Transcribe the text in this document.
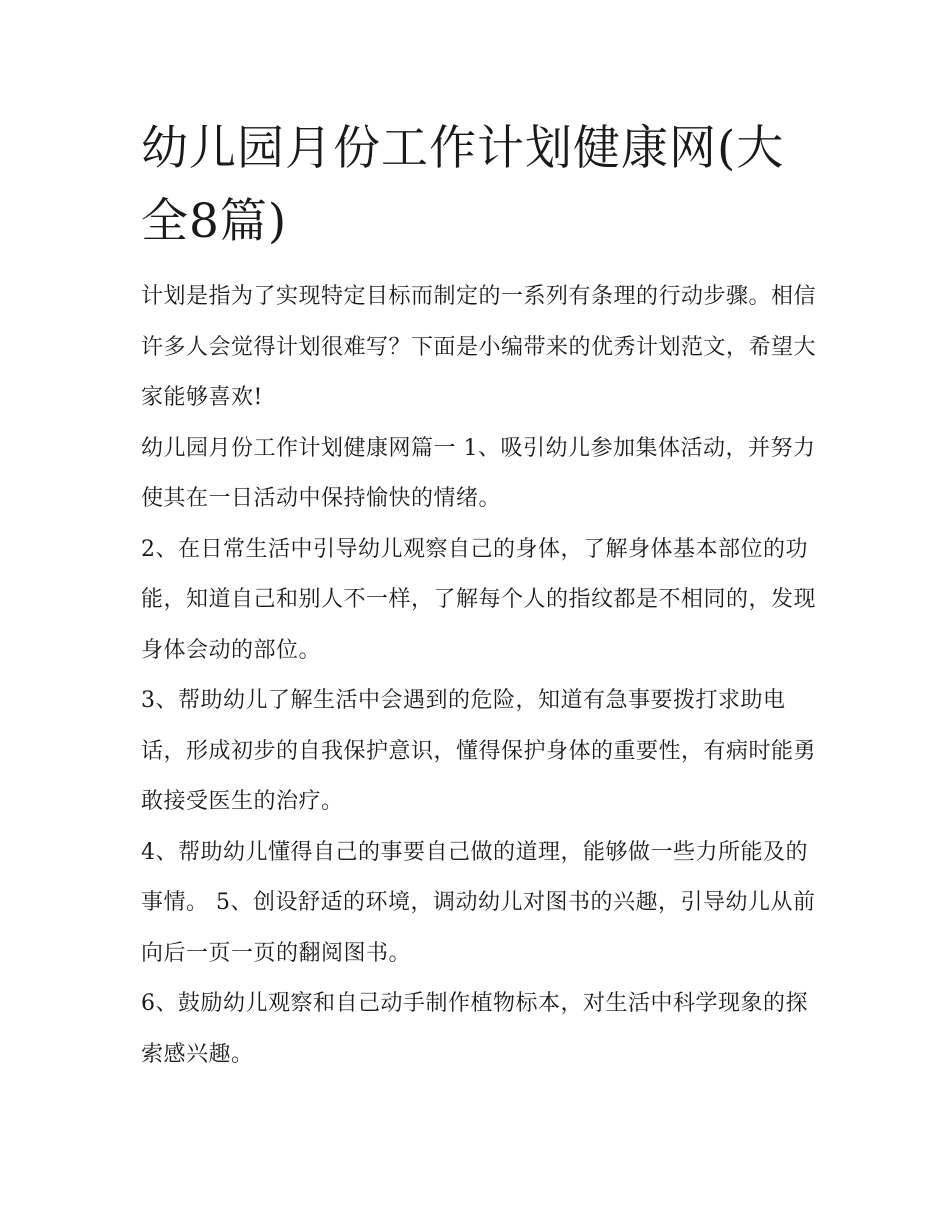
幼儿园月份工作计划健康网(大全8篇)

计划是指为了实现特定目标而制定的一系列有条理的行动步骤。相信许多人会觉得计划很难写？下面是小编带来的优秀计划范文，希望大家能够喜欢!

幼儿园月份工作计划健康网篇一 1、吸引幼儿参加集体活动，并努力使其在一日活动中保持愉快的情绪。

2、在日常生活中引导幼儿观察自己的身体，了解身体基本部位的功能，知道自己和别人不一样，了解每个人的指纹都是不相同的，发现身体会动的部位。

3、帮助幼儿了解生活中会遇到的危险，知道有急事要拨打求助电话，形成初步的自我保护意识，懂得保护身体的重要性，有病时能勇敢接受医生的治疗。

4、帮助幼儿懂得自己的事要自己做的道理，能够做一些力所能及的事情。 5、创设舒适的环境，调动幼儿对图书的兴趣，引导幼儿从前向后一页一页的翻阅图书。

6、鼓励幼儿观察和自己动手制作植物标本，对生活中科学现象的探索感兴趣。
